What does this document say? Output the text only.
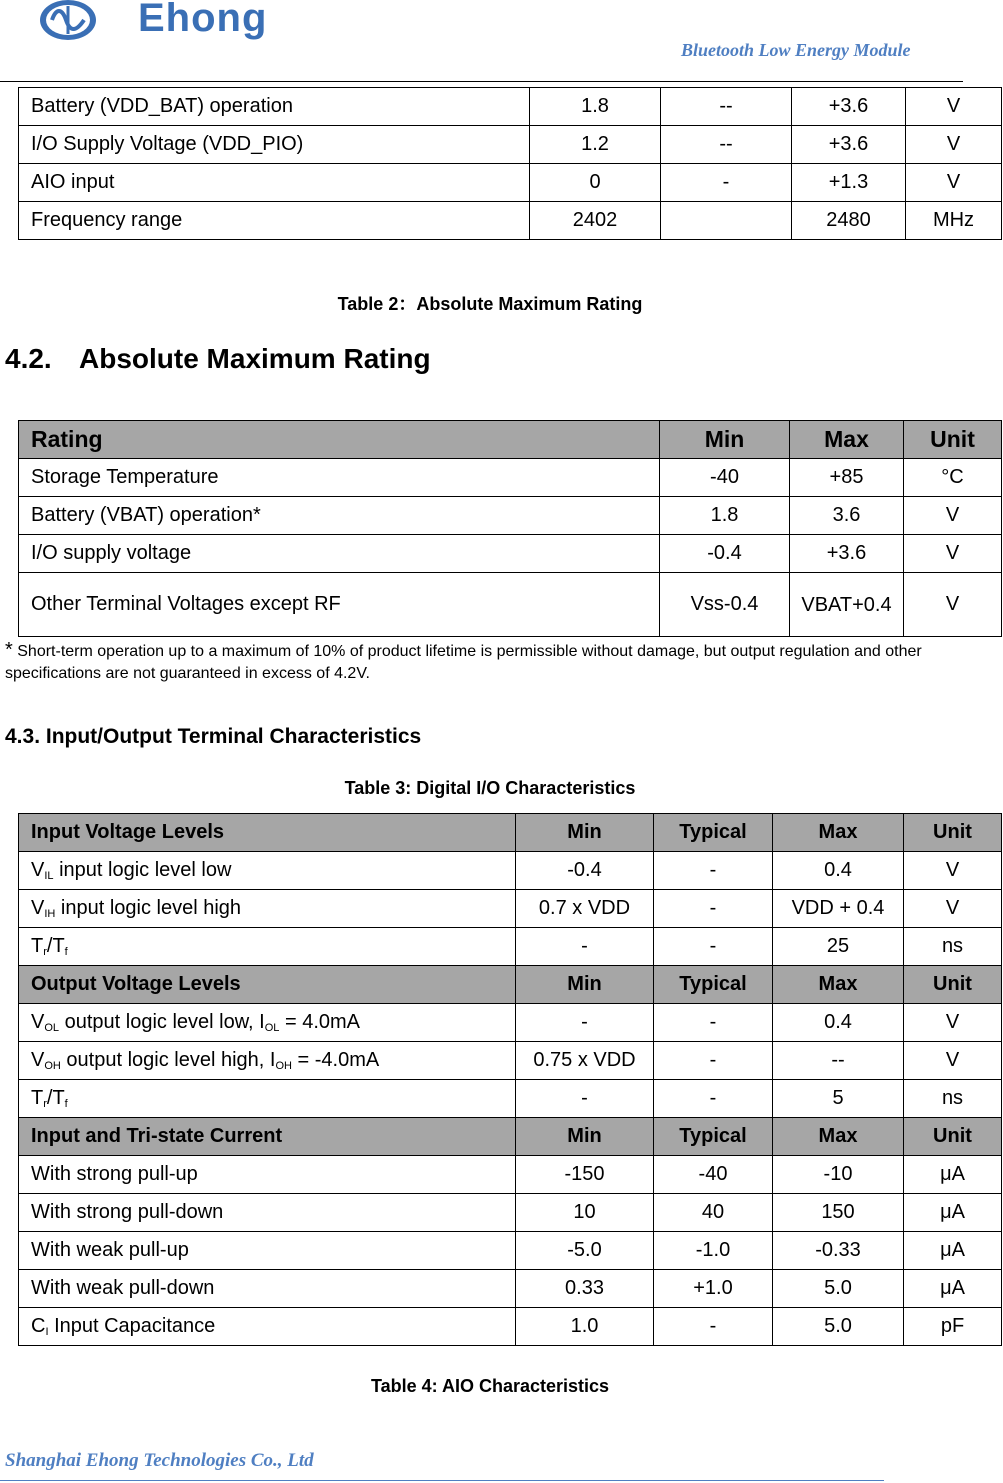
Ehong
Bluetooth Low Energy Module
Battery (VDD_BAT) operation	1.8	--	+3.6	V
I/O Supply Voltage (VDD_PIO)	1.2	--	+3.6	V
AIO input	0	-	+1.3	V
Frequency range	2402		2480	MHz
Table 2：Absolute Maximum Rating
4.2. Absolute Maximum Rating
Rating	Min	Max	Unit
Storage Temperature	-40	+85	°C
Battery (VBAT) operation*	1.8	3.6	V
I/O supply voltage	-0.4	+3.6	V
Other Terminal Voltages except RF	Vss-0.4	VBAT+0.4	V
* Short-term operation up to a maximum of 10% of product lifetime is permissible without damage, but output regulation and other specifications are not guaranteed in excess of 4.2V.
4.3. Input/Output Terminal Characteristics
Table 3: Digital I/O Characteristics
Input Voltage Levels	Min	Typical	Max	Unit
$V_{IL}$ input logic level low	-0.4	-	0.4	V
$V_{IH}$ input logic level high	0.7 x VDD	-	VDD + 0.4	V
$T_r/T_f$	-	-	25	ns
Output Voltage Levels	Min	Typical	Max	Unit
$V_{OL}$ output logic level low, $I_{OL} = 4.0mA$	-	-	0.4	V
$V_{OH}$ output logic level high, $I_{OH} = -4.0mA$	0.75 x VDD	-	--	V
$T_r/T_f$	-	-	5	ns
Input and Tri-state Current	Min	Typical	Max	Unit
With strong pull-up	-150	-40	-10	μA
With strong pull-down	10	40	150	μA
With weak pull-up	-5.0	-1.0	-0.33	μA
With weak pull-down	0.33	+1.0	5.0	μA
$C_I$ Input Capacitance	1.0	-	5.0	pF
Table 4: AIO Characteristics
Shanghai Ehong Technologies Co., Ltd
